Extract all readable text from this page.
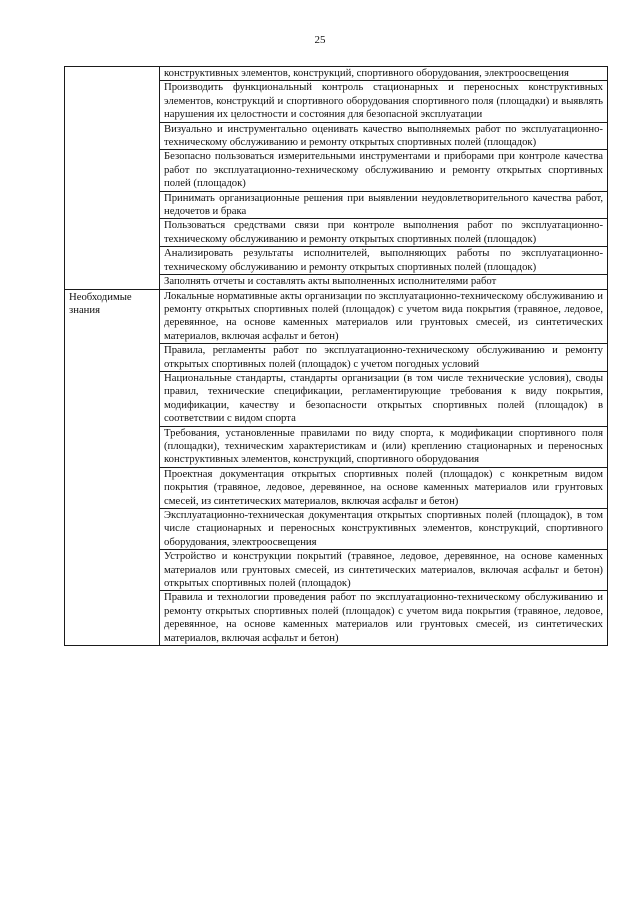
25
	конструктивных элементов, конструкций, спортивного оборудования, электроосвещения
	Производить функциональный контроль стационарных и переносных конструктивных элементов, конструкций и спортивного оборудования спортивного поля (площадки) и выявлять нарушения их целостности и состояния для безопасной эксплуатации
	Визуально и инструментально оценивать качество выполняемых работ по эксплуатационно-техническому обслуживанию и ремонту открытых спортивных полей (площадок)
	Безопасно пользоваться измерительными инструментами и приборами при контроле качества работ по эксплуатационно-техническому обслуживанию и ремонту открытых спортивных полей (площадок)
	Принимать организационные решения при выявлении неудовлетворительного качества работ, недочетов и брака
	Пользоваться средствами связи при контроле выполнения работ по эксплуатационно-техническому обслуживанию и ремонту открытых спортивных полей (площадок)
	Анализировать результаты исполнителей, выполняющих работы по эксплуатационно-техническому обслуживанию и ремонту открытых спортивных полей (площадок)
	Заполнять отчеты и составлять акты выполненных исполнителями работ
Необходимые знания	Локальные нормативные акты организации по эксплуатационно-техническому обслуживанию и ремонту открытых спортивных полей (площадок) с учетом вида покрытия (травяное, ледовое, деревянное, на основе каменных материалов или грунтовых смесей, из синтетических материалов, включая асфальт и бетон)
	Правила, регламенты работ по эксплуатационно-техническому обслуживанию и ремонту открытых спортивных полей (площадок) с учетом погодных условий
	Национальные стандарты, стандарты организации (в том числе технические условия), своды правил, технические спецификации, регламентирующие требования к виду покрытия, модификации, качеству и безопасности открытых спортивных полей (площадок) в соответствии с видом спорта
	Требования, установленные правилами по виду спорта, к модификации спортивного поля (площадки), техническим характеристикам и (или) креплению стационарных и переносных конструктивных элементов, конструкций, спортивного оборудования
	Проектная документация открытых спортивных полей (площадок) с конкретным видом покрытия (травяное, ледовое, деревянное, на основе каменных материалов или грунтовых смесей, из синтетических материалов, включая асфальт и бетон)
	Эксплуатационно-техническая документация открытых спортивных полей (площадок), в том числе стационарных и переносных конструктивных элементов, конструкций, спортивного оборудования, электроосвещения
	Устройство и конструкции покрытий (травяное, ледовое, деревянное, на основе каменных материалов или грунтовых смесей, из синтетических материалов, включая асфальт и бетон) открытых спортивных полей (площадок)
	Правила и технологии проведения работ по эксплуатационно-техническому обслуживанию и ремонту открытых спортивных полей (площадок) с учетом вида покрытия (травяное, ледовое, деревянное, на основе каменных материалов или грунтовых смесей, из синтетических материалов, включая асфальт и бетон)
